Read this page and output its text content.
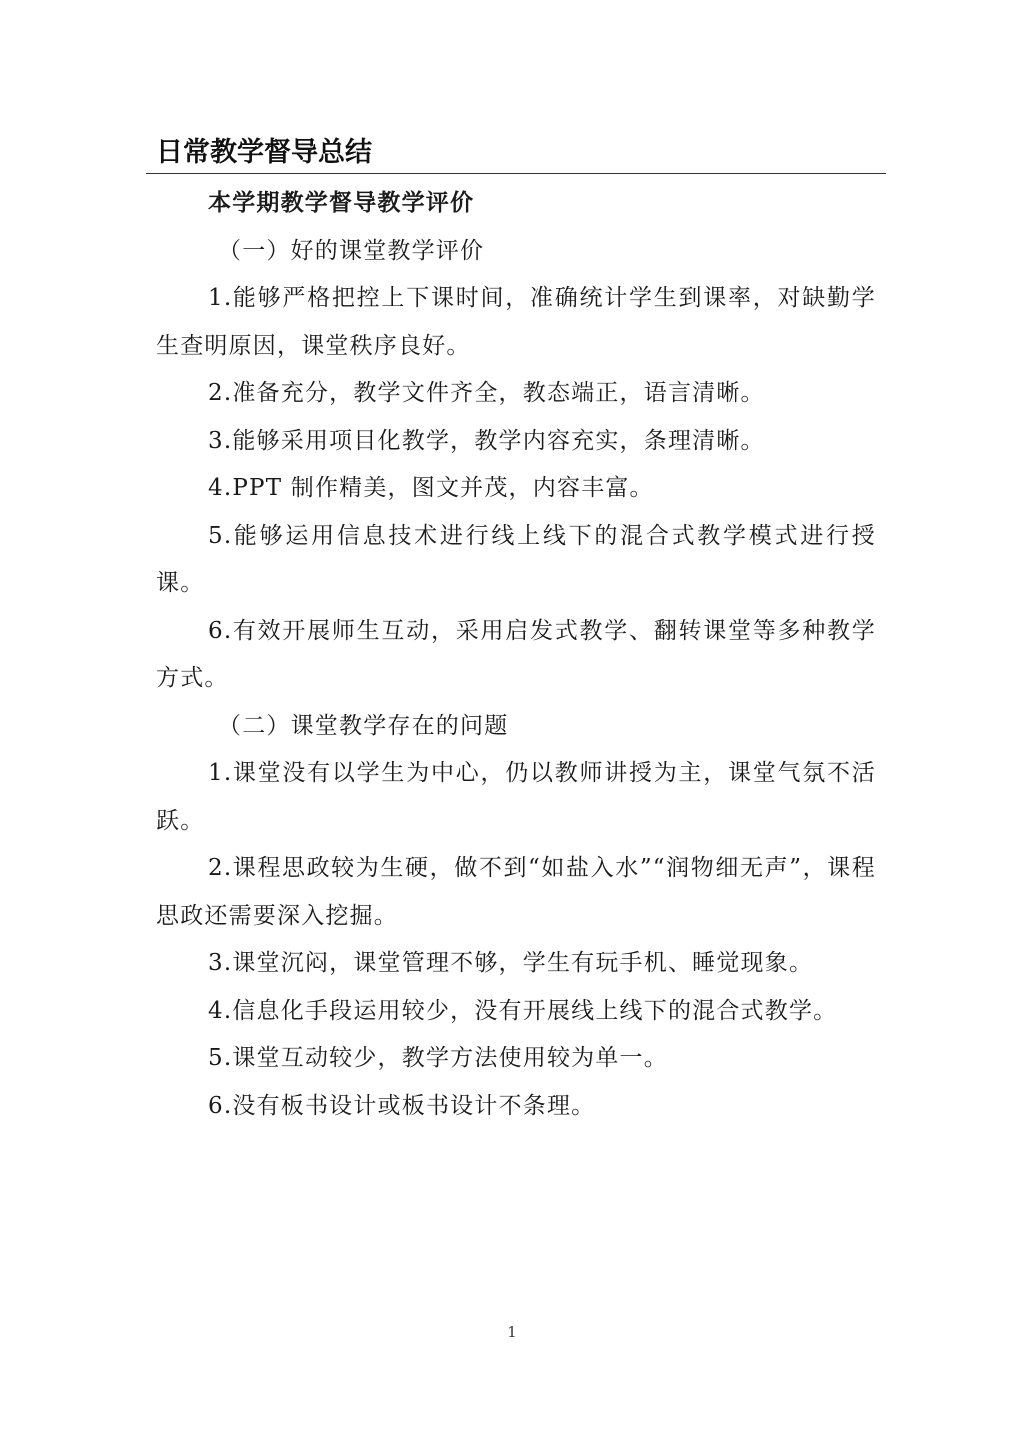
日常教学督导总结

本学期教学督导教学评价

（一）好的课堂教学评价

1.能够严格把控上下课时间，准确统计学生到课率，对缺勤学生查明原因，课堂秩序良好。

2.准备充分，教学文件齐全，教态端正，语言清晰。

3.能够采用项目化教学，教学内容充实，条理清晰。

4.PPT 制作精美，图文并茂，内容丰富。

5.能够运用信息技术进行线上线下的混合式教学模式进行授课。

6.有效开展师生互动，采用启发式教学、翻转课堂等多种教学方式。

（二）课堂教学存在的问题

1.课堂没有以学生为中心，仍以教师讲授为主，课堂气氛不活跃。

2.课程思政较为生硬，做不到“如盐入水”“润物细无声”，课程思政还需要深入挖掘。

3.课堂沉闷，课堂管理不够，学生有玩手机、睡觉现象。

4.信息化手段运用较少，没有开展线上线下的混合式教学。

5.课堂互动较少，教学方法使用较为单一。

6.没有板书设计或板书设计不条理。

1
